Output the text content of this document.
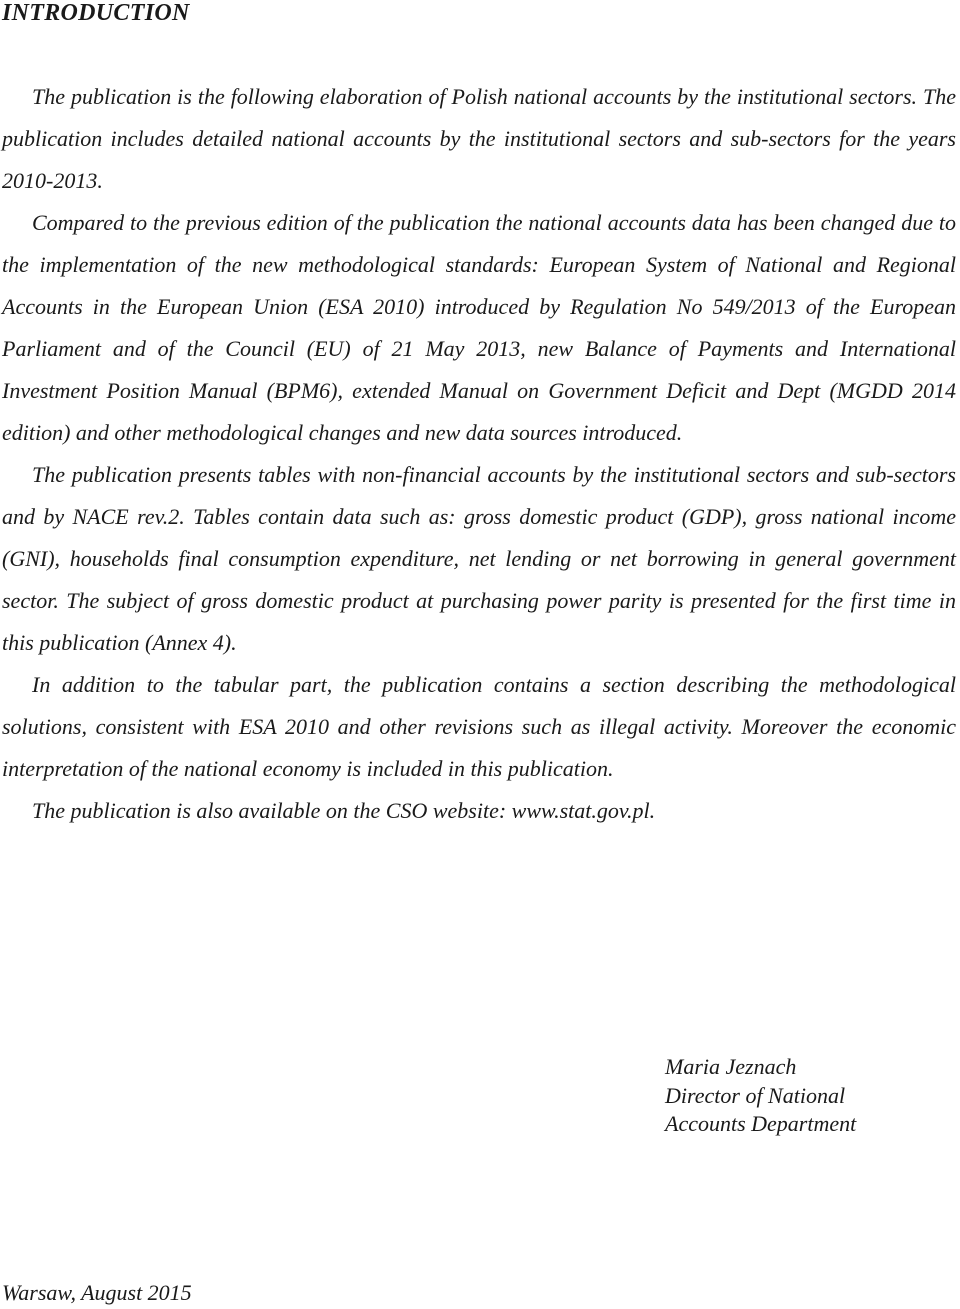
INTRODUCTION

The publication is the following elaboration of Polish national accounts by the institutional sectors. The publication includes detailed national accounts by the institutional sectors and sub-sectors for the years 2010-2013.

Compared to the previous edition of the publication the national accounts data has been changed due to the implementation of the new methodological standards: European System of National and Regional Accounts in the European Union (ESA 2010) introduced by Regulation No 549/2013 of the European Parliament and of the Council (EU) of 21 May 2013, new Balance of Payments and International Investment Position Manual (BPM6), extended Manual on Government Deficit and Dept (MGDD 2014 edition) and other methodological changes and new data sources introduced.

The publication presents tables with non-financial accounts by the institutional sectors and sub-sectors and by NACE rev.2. Tables contain data such as: gross domestic product (GDP), gross national income (GNI), households final consumption expenditure, net lending or net borrowing in general government sector. The subject of gross domestic product at purchasing power parity is presented for the first time in this publication (Annex 4).

In addition to the tabular part, the publication contains a section describing the methodological solutions, consistent with ESA 2010 and other revisions such as illegal activity. Moreover the economic interpretation of the national economy is included in this publication.

The publication is also available on the CSO website: www.stat.gov.pl.

Maria Jeznach
Director of National
Accounts Department
Warsaw, August 2015
